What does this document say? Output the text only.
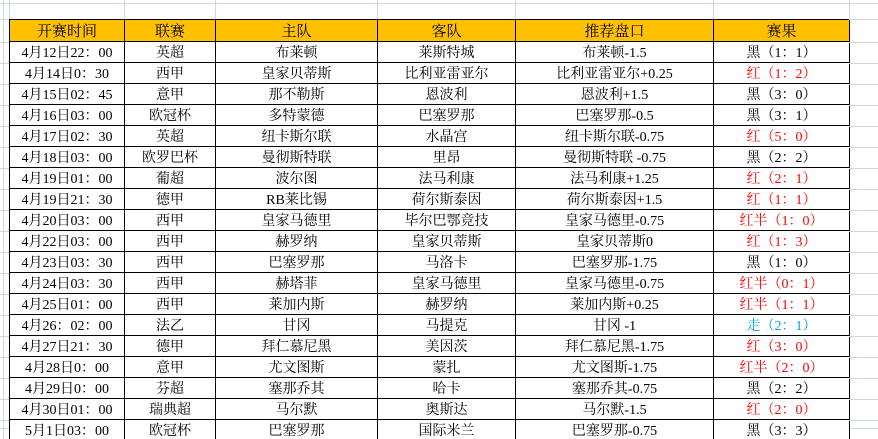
开赛时间	联赛	主队	客队	推荐盘口	赛果
4月12日22：00	英超	布莱顿	莱斯特城	布莱顿-1.5	黑（1：1）
4月14日0：30	西甲	皇家贝蒂斯	比利亚雷亚尔	比利亚雷亚尔+0.25	红（1：2）
4月15日02：45	意甲	那不勒斯	恩波利	恩波利+1.5	黑（3：0）
4月16日03：00	欧冠杯	多特蒙德	巴塞罗那	巴塞罗那-0.5	黑（3：1）
4月17日02：30	英超	纽卡斯尔联	水晶宫	纽卡斯尔联-0.75	红（5：0）
4月18日03：00	欧罗巴杯	曼彻斯特联	里昂	曼彻斯特联 -0.75	黑（2：2）
4月19日01：00	葡超	波尔图	法马利康	法马利康+1.25	红（2：1）
4月19日21：30	德甲	RB莱比锡	荷尔斯泰因	荷尔斯泰因+1.5	红（1：1）
4月20日03：00	西甲	皇家马德里	毕尔巴鄂竞技	皇家马德里-0.75	红半（1：0）
4月22日03：00	西甲	赫罗纳	皇家贝蒂斯	皇家贝蒂斯0	红（1：3）
4月23日03：30	西甲	巴塞罗那	马洛卡	巴塞罗那-1.75	黑（1：0）
4月24日03：30	西甲	赫塔菲	皇家马德里	皇家马德里-0.75	红半（0：1）
4月25日01：00	西甲	莱加内斯	赫罗纳	莱加内斯+0.25	红半（1：1）
4月26：02：00	法乙	甘冈	马提克	甘冈 -1	走（2：1）
4月27日21：30	德甲	拜仁慕尼黑	美因茨	拜仁慕尼黑-1.75	红（3：0）
4月28日0：00	意甲	尤文图斯	蒙扎	尤文图斯-1.75	红半（2：0）
4月29日0：00	芬超	塞那乔其	哈卡	塞那乔其-0.75	黑（2：2）
4月30日01：00	瑞典超	马尔默	奥斯达	马尔默-1.5	红（2：0）
5月1日03：00	欧冠杯	巴塞罗那	国际米兰	巴塞罗那-0.75	黑（3：3）
